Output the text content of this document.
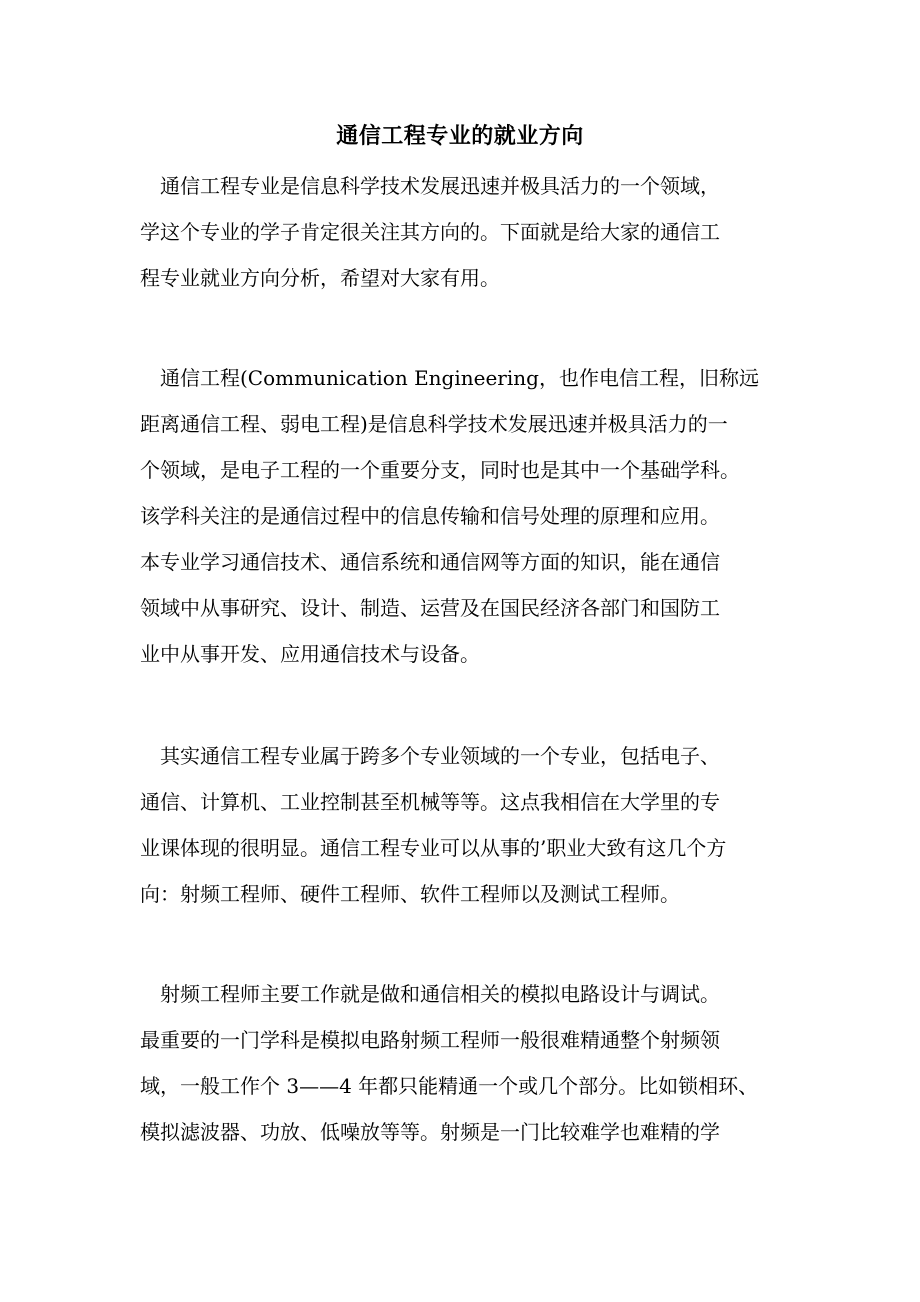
通信工程专业的就业方向
通信工程专业是信息科学技术发展迅速并极具活力的一个领域，
学这个专业的学子肯定很关注其方向的。下面就是给大家的通信工
程专业就业方向分析，希望对大家有用。
通信工程(Communication Engineering，也作电信工程，旧称远
距离通信工程、弱电工程)是信息科学技术发展迅速并极具活力的一
个领域，是电子工程的一个重要分支，同时也是其中一个基础学科。
该学科关注的是通信过程中的信息传输和信号处理的原理和应用。
本专业学习通信技术、通信系统和通信网等方面的知识，能在通信
领域中从事研究、设计、制造、运营及在国民经济各部门和国防工
业中从事开发、应用通信技术与设备。
其实通信工程专业属于跨多个专业领域的一个专业，包括电子、
通信、计算机、工业控制甚至机械等等。这点我相信在大学里的专
业课体现的很明显。通信工程专业可以从事的’职业大致有这几个方
向：射频工程师、硬件工程师、软件工程师以及测试工程师。
射频工程师主要工作就是做和通信相关的模拟电路设计与调试。
最重要的一门学科是模拟电路射频工程师一般很难精通整个射频领
域，一般工作个 3——4 年都只能精通一个或几个部分。比如锁相环、
模拟滤波器、功放、低噪放等等。射频是一门比较难学也难精的学
